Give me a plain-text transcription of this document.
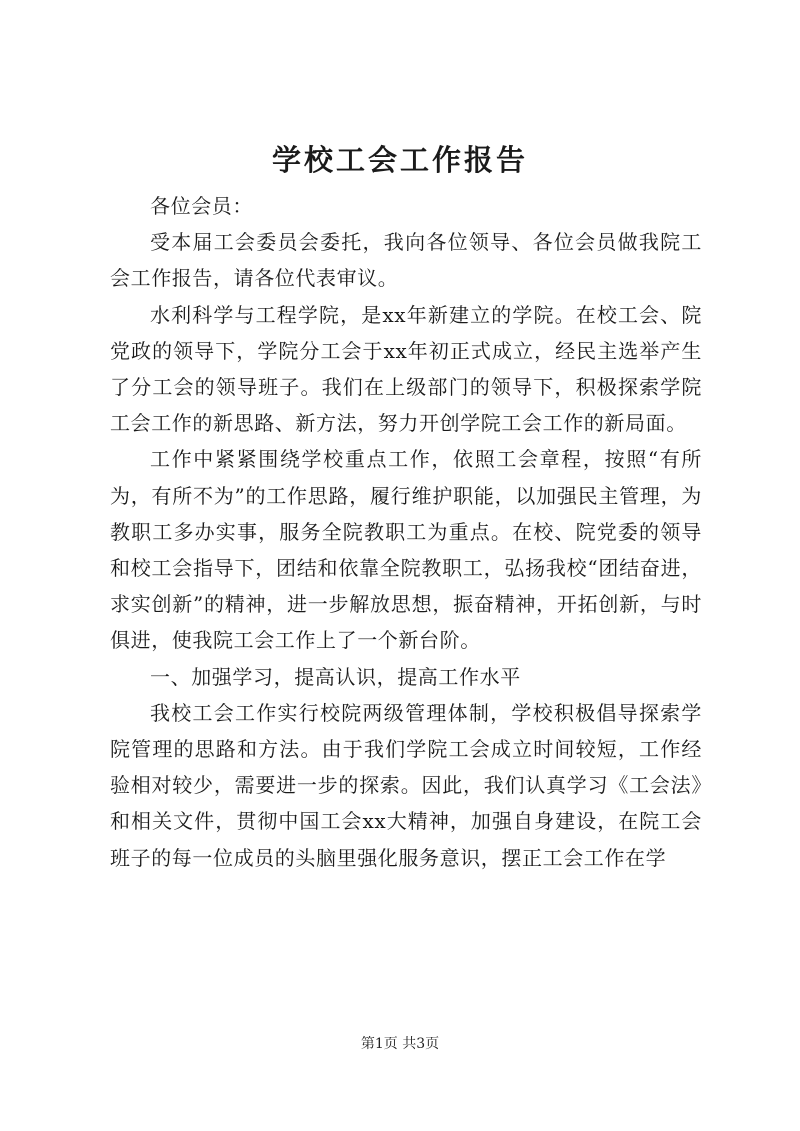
学校工会工作报告

各位会员：

受本届工会委员会委托，我向各位领导、各位会员做我院工会工作报告，请各位代表审议。

水利科学与工程学院，是xx年新建立的学院。在校工会、院党政的领导下，学院分工会于xx年初正式成立，经民主选举产生了分工会的领导班子。我们在上级部门的领导下，积极探索学院工会工作的新思路、新方法，努力开创学院工会工作的新局面。

工作中紧紧围绕学校重点工作，依照工会章程，按照“有所为，有所不为”的工作思路，履行维护职能，以加强民主管理，为教职工多办实事，服务全院教职工为重点。在校、院党委的领导和校工会指导下，团结和依靠全院教职工，弘扬我校“团结奋进，求实创新”的精神，进一步解放思想，振奋精神，开拓创新，与时俱进，使我院工会工作上了一个新台阶。

一、加强学习，提高认识，提高工作水平

我校工会工作实行校院两级管理体制，学校积极倡导探索学院管理的思路和方法。由于我们学院工会成立时间较短，工作经验相对较少，需要进一步的探索。因此，我们认真学习《工会法》和相关文件，贯彻中国工会xx大精神，加强自身建设，在院工会班子的每一位成员的头脑里强化服务意识，摆正工会工作在学

第1页 共3页
